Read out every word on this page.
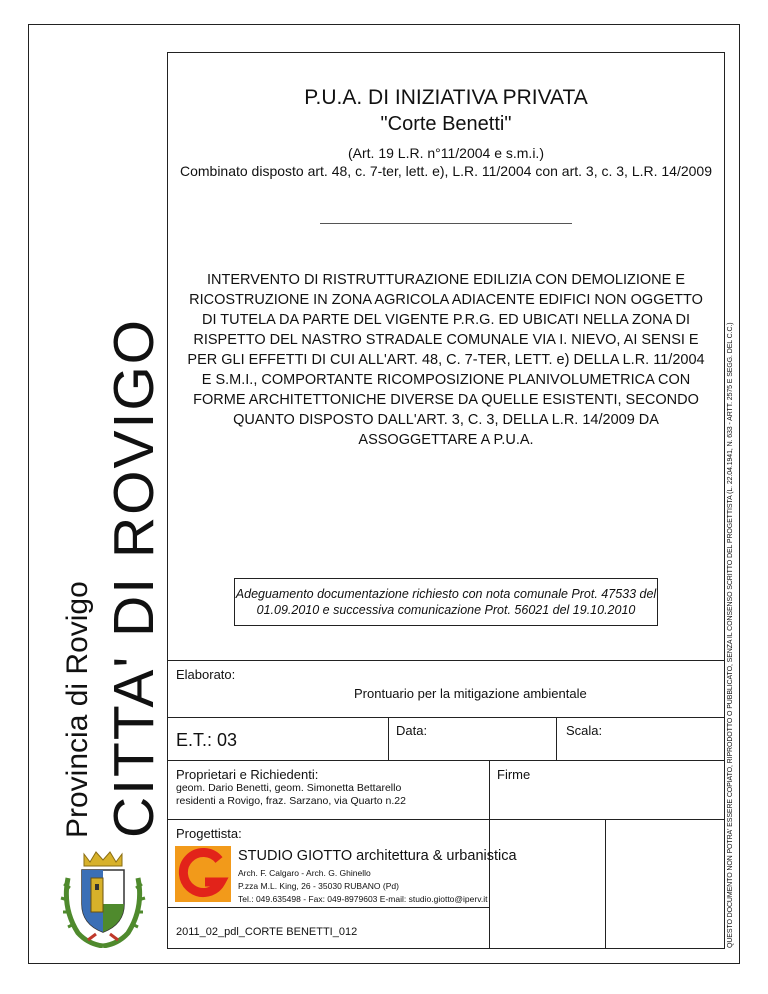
P.U.A. DI INIZIATIVA PRIVATA
"Corte Benetti"
(Art. 19 L.R. n°11/2004 e s.m.i.)
Combinato disposto art. 48, c. 7-ter, lett. e), L.R. 11/2004 con art. 3, c. 3, L.R. 14/2009
INTERVENTO DI RISTRUTTURAZIONE EDILIZIA CON DEMOLIZIONE E
RICOSTRUZIONE IN ZONA AGRICOLA ADIACENTE EDIFICI NON OGGETTO
DI TUTELA DA PARTE DEL VIGENTE P.R.G. ED UBICATI NELLA ZONA DI
RISPETTO DEL NASTRO STRADALE COMUNALE VIA I. NIEVO, AI SENSI E
PER GLI EFFETTI DI CUI ALL'ART. 48, C. 7-TER, LETT. e) DELLA L.R. 11/2004
E S.M.I., COMPORTANTE RICOMPOSIZIONE PLANIVOLUMETRICA CON
FORME ARCHITETTONICHE DIVERSE DA QUELLE ESISTENTI, SECONDO
QUANTO DISPOSTO DALL'ART. 3, C. 3, DELLA L.R. 14/2009 DA
ASSOGGETTARE A P.U.A.
Adeguamento documentazione richiesto con nota comunale Prot. 47533 del
01.09.2010 e successiva comunicazione Prot. 56021 del 19.10.2010
CITTA' DI ROVIGO
Provincia di Rovigo	QUESTO DOCUMENTO NON POTRA' ESSERE COPIATO, RIPRODOTTO O PUBBLICATO, SENZA IL CONSENSO SCRITTO DEL PROGETTISTA (L. 22.04.1941, N. 633 - ARTT. 2575 E SEGG. DEL C.C.)
Elaborato:
Prontuario per la mitigazione ambientale
E.T.: 03	Data:	Scala:
Proprietari e Richiedenti:
geom. Dario Benetti, geom. Simonetta Bettarello
residenti a Rovigo, fraz. Sarzano, via Quarto n.22
Firme
Progettista:
STUDIO GIOTTO architettura & urbanistica
Arch. F. Calgaro - Arch. G. Ghinello
P.zza M.L. King, 26 - 35030 RUBANO (Pd)
Tel.: 049.635498 - Fax: 049-8979603 E-mail: studio.giotto@iperv.it
2011_02_pdl_CORTE BENETTI_012
